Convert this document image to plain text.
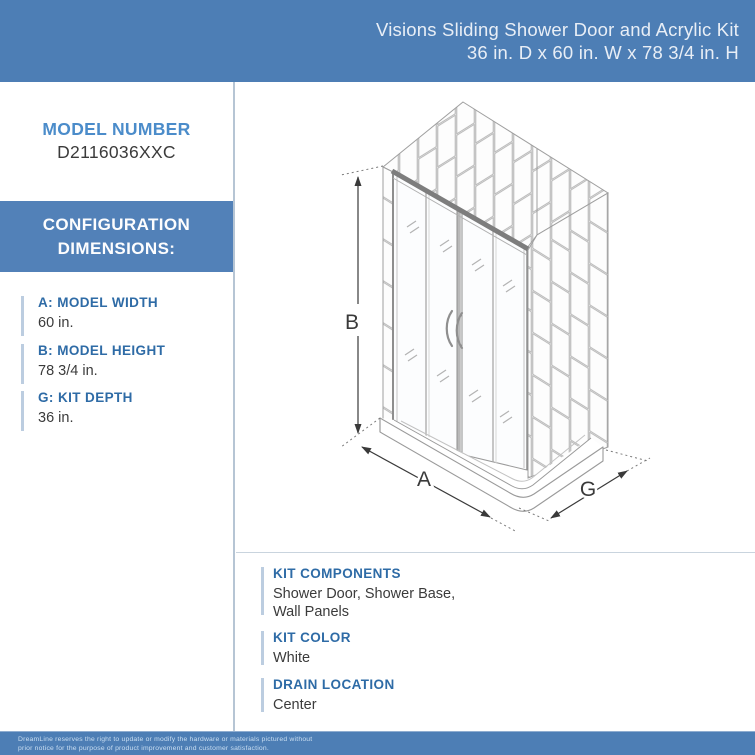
Visions Sliding Shower Door and Acrylic Kit
36 in. D x 60 in. W x 78 3/4 in. H
MODEL NUMBER
D2116036XXC
CONFIGURATION
DIMENSIONS:
A: MODEL WIDTH
60 in.
B: MODEL HEIGHT
78 3/4 in.
G: KIT DEPTH
36 in.
B
A	G
KIT COMPONENTS
Shower Door, Shower Base,
Wall Panels
KIT COLOR
White
DRAIN LOCATION
Center
DreamLine reserves the right to update or modify the hardware or materials pictured without
prior notice for the purpose of product improvement and customer satisfaction.
